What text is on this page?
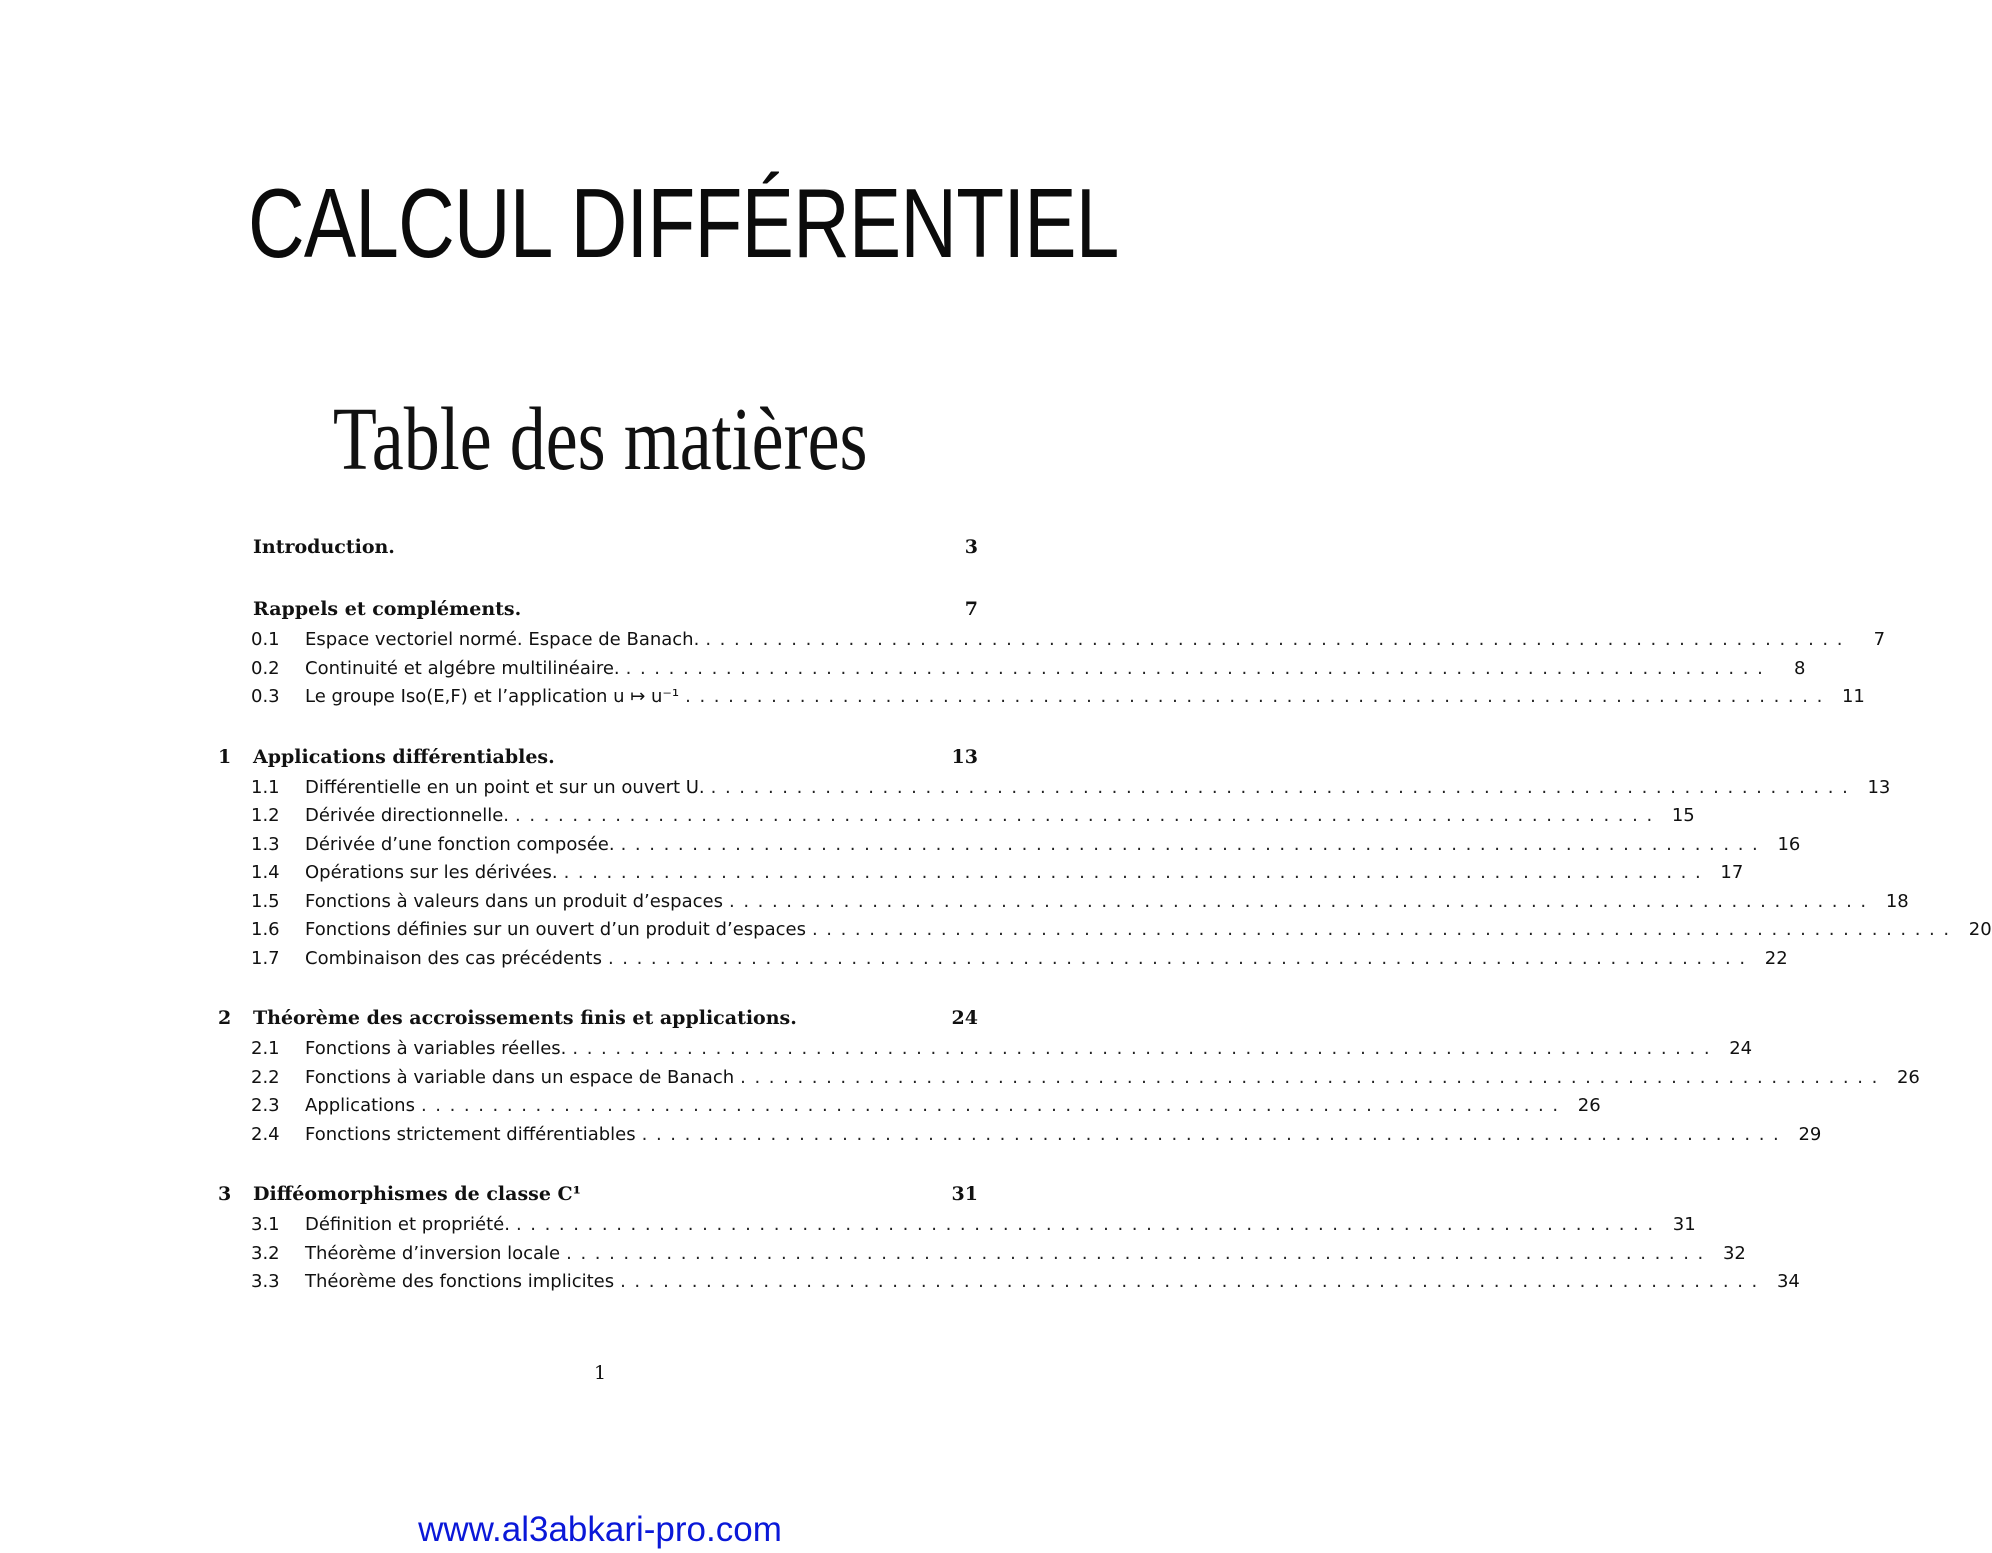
CALCUL DIFFÉRENTIEL
Table des matières
Introduction.	3
Rappels et compléments.	7
0.1	Espace vectoriel normé. Espace de Banach. ................................................................................	7
0.2	Continuité et algébre multilinéaire. ................................................................................	8
0.3	Le groupe Iso(E,F) et l’application u ↦ u⁻¹ ................................................................................ 11
1	Applications différentiables.	13
1.1	Différentielle en un point et sur un ouvert U. ................................................................................ 13
1.2	Dérivée directionnelle. ................................................................................ 15
1.3	Dérivée d’une fonction composée. ................................................................................ 16
1.4	Opérations sur les dérivées. ................................................................................ 17
1.5	Fonctions à valeurs dans un produit d’espaces ................................................................................ 18
1.6	Fonctions définies sur un ouvert d’un produit d’espaces ................................................................................ 20
1.7	Combinaison des cas précédents ................................................................................ 22
2	Théorème des accroissements finis et applications.	24
2.1	Fonctions à variables réelles. ................................................................................ 24
2.2	Fonctions à variable dans un espace de Banach ................................................................................ 26
2.3	Applications ................................................................................ 26
2.4	Fonctions strictement différentiables ................................................................................ 29
3	Difféomorphismes de classe C¹	31
3.1	Définition et propriété. ................................................................................ 31
3.2	Théorème d’inversion locale ................................................................................ 32
3.3	Théorème des fonctions implicites ................................................................................ 34
1
www.al3abkari-pro.com
